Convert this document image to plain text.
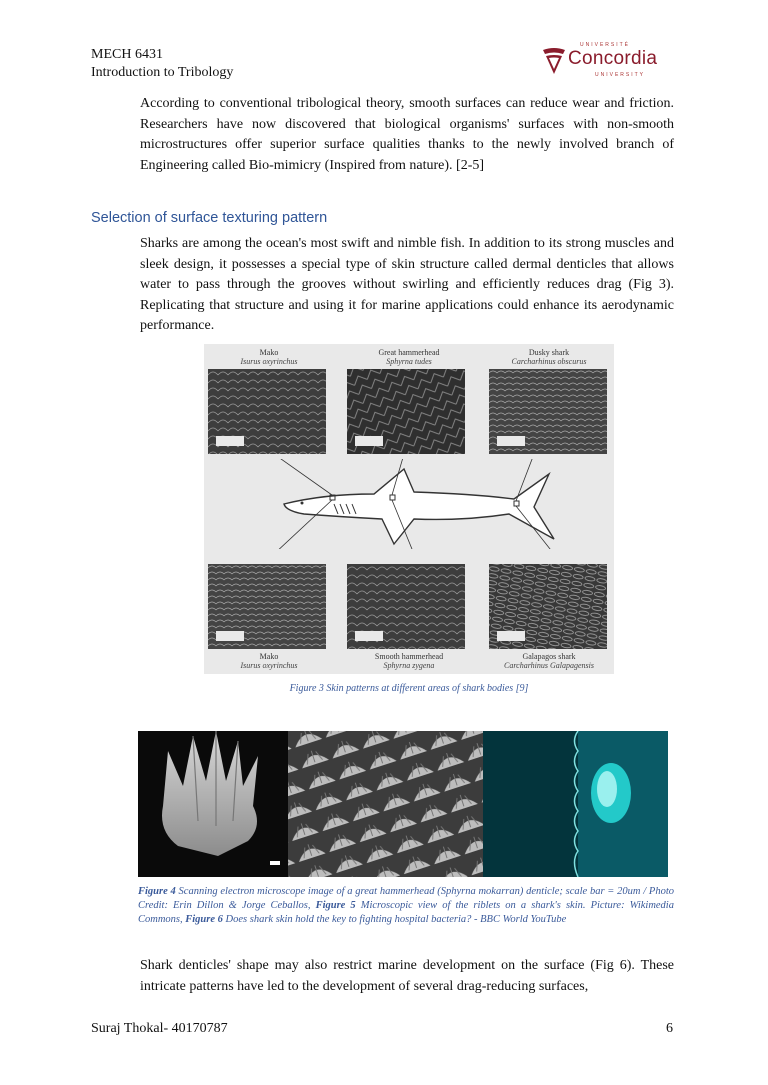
MECH 6431
Introduction to Tribology
UNIVERSITÉ
Concordia
UNIVERSITY
According to conventional tribological theory, smooth surfaces can reduce wear and friction. Researchers have now discovered that biological organisms' surfaces with non-smooth microstructures offer superior surface qualities thanks to the newly involved branch of Engineering called Bio-mimicry (Inspired from nature). [2-5]
Selection of surface texturing pattern
Sharks are among the ocean's most swift and nimble fish. In addition to its strong muscles and sleek design, it possesses a special type of skin structure called dermal denticles that allows water to pass through the grooves without swirling and efficiently reduces drag (Fig 3). Replicating that structure and using it for marine applications could enhance its aerodynamic performance.
Mako
Isurus oxyrinchus
Great hammerhead
Sphyrna tudes
Dusky shark
Carcharhinus obscurus
Mako
Isurus oxyrinchus
Smooth hammerhead
Sphyrna zygena
Galapagos shark
Carcharhinus Galapagensis
Figure 3 Skin patterns at different areas of shark bodies [9]
Figure 4 Scanning electron microscope image of a great hammerhead (Sphyrna mokarran) denticle; scale bar = 20um / Photo Credit: Erin Dillon & Jorge Ceballos, Figure 5 Microscopic view of the riblets on a shark's skin. Picture: Wikimedia Commons, Figure 6 Does shark skin hold the key to fighting hospital bacteria? - BBC World YouTube
Shark denticles' shape may also restrict marine development on the surface (Fig 6). These intricate patterns have led to the development of several drag-reducing surfaces,
Suraj Thokal- 40170787	6
